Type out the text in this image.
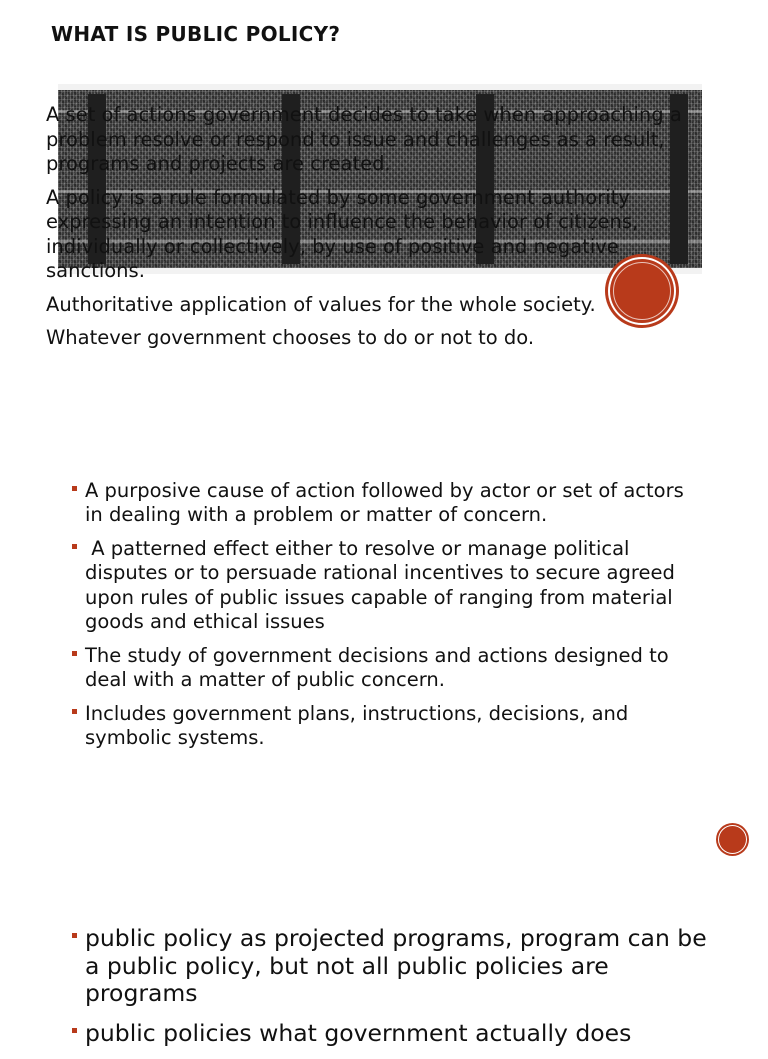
WHAT IS PUBLIC POLICY?

A set of actions government decides to take when approaching a problem resolve or respond to issue and challenges as a result, programs and projects are created.

A policy is a rule formulated by some government authority expressing an intention to influence the behavior of citizens, individually or collectively, by use of positive and negative sanctions.

Authoritative application of values for the whole society.

Whatever government chooses to do or not to do.

A purposive cause of action followed by actor or set of actors in dealing with a problem or matter of concern.
A patterned effect either to resolve or manage political disputes or to persuade rational incentives to secure agreed upon rules of public issues capable of ranging from material goods and ethical issues
The study of government decisions and actions designed to deal with a matter of public concern.
Includes government plans, instructions, decisions, and symbolic systems.
public policy as projected programs, program can be a public policy, but not all public policies are programs
public policies what government actually does
